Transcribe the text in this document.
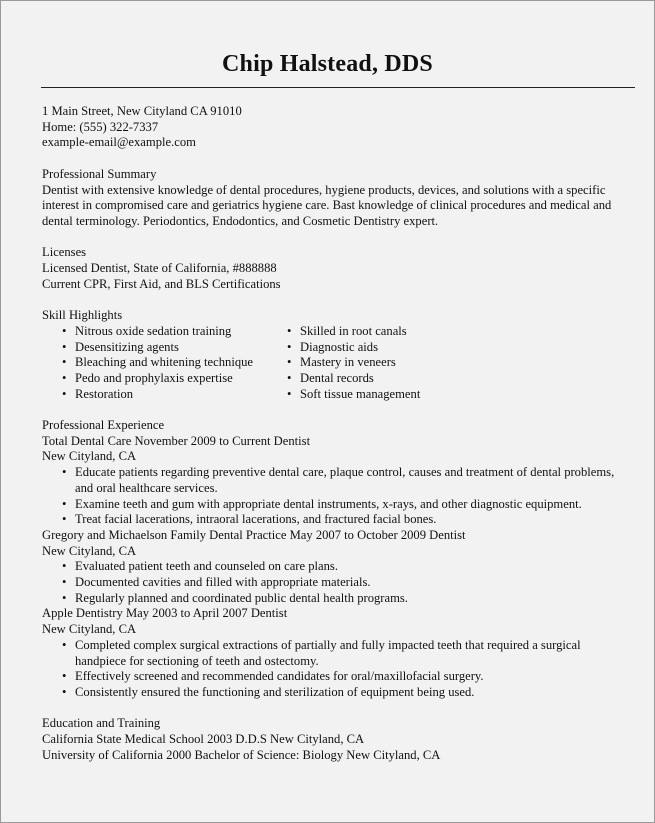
Chip Halstead, DDS
1 Main Street, New Cityland CA 91010
Home: (555) 322-7337
example-email@example.com
Professional Summary
Dentist with extensive knowledge of dental procedures, hygiene products, devices, and solutions with a specific interest in compromised care and geriatrics hygiene care. Bast knowledge of clinical procedures and medical and dental terminology. Periodontics, Endodontics, and Cosmetic Dentistry expert.
Licenses
Licensed Dentist, State of California, #888888
Current CPR, First Aid, and BLS Certifications
Skill Highlights
• Nitrous oxide sedation training
• Desensitizing agents
• Bleaching and whitening technique
• Pedo and prophylaxis expertise
• Restoration
• Skilled in root canals
• Diagnostic aids
• Mastery in veneers
• Dental records
• Soft tissue management
Professional Experience
Total Dental Care November 2009 to Current Dentist
New Cityland, CA
• Educate patients regarding preventive dental care, plaque control, causes and treatment of dental problems, and oral healthcare services.
• Examine teeth and gum with appropriate dental instruments, x-rays, and other diagnostic equipment.
• Treat facial lacerations, intraoral lacerations, and fractured facial bones.
Gregory and Michaelson Family Dental Practice May 2007 to October 2009 Dentist
New Cityland, CA
• Evaluated patient teeth and counseled on care plans.
• Documented cavities and filled with appropriate materials.
• Regularly planned and coordinated public dental health programs.
Apple Dentistry May 2003 to April 2007 Dentist
New Cityland, CA
• Completed complex surgical extractions of partially and fully impacted teeth that required a surgical handpiece for sectioning of teeth and ostectomy.
• Effectively screened and recommended candidates for oral/maxillofacial surgery.
• Consistently ensured the functioning and sterilization of equipment being used.
Education and Training
California State Medical School 2003 D.D.S New Cityland, CA
University of California 2000 Bachelor of Science: Biology New Cityland, CA
